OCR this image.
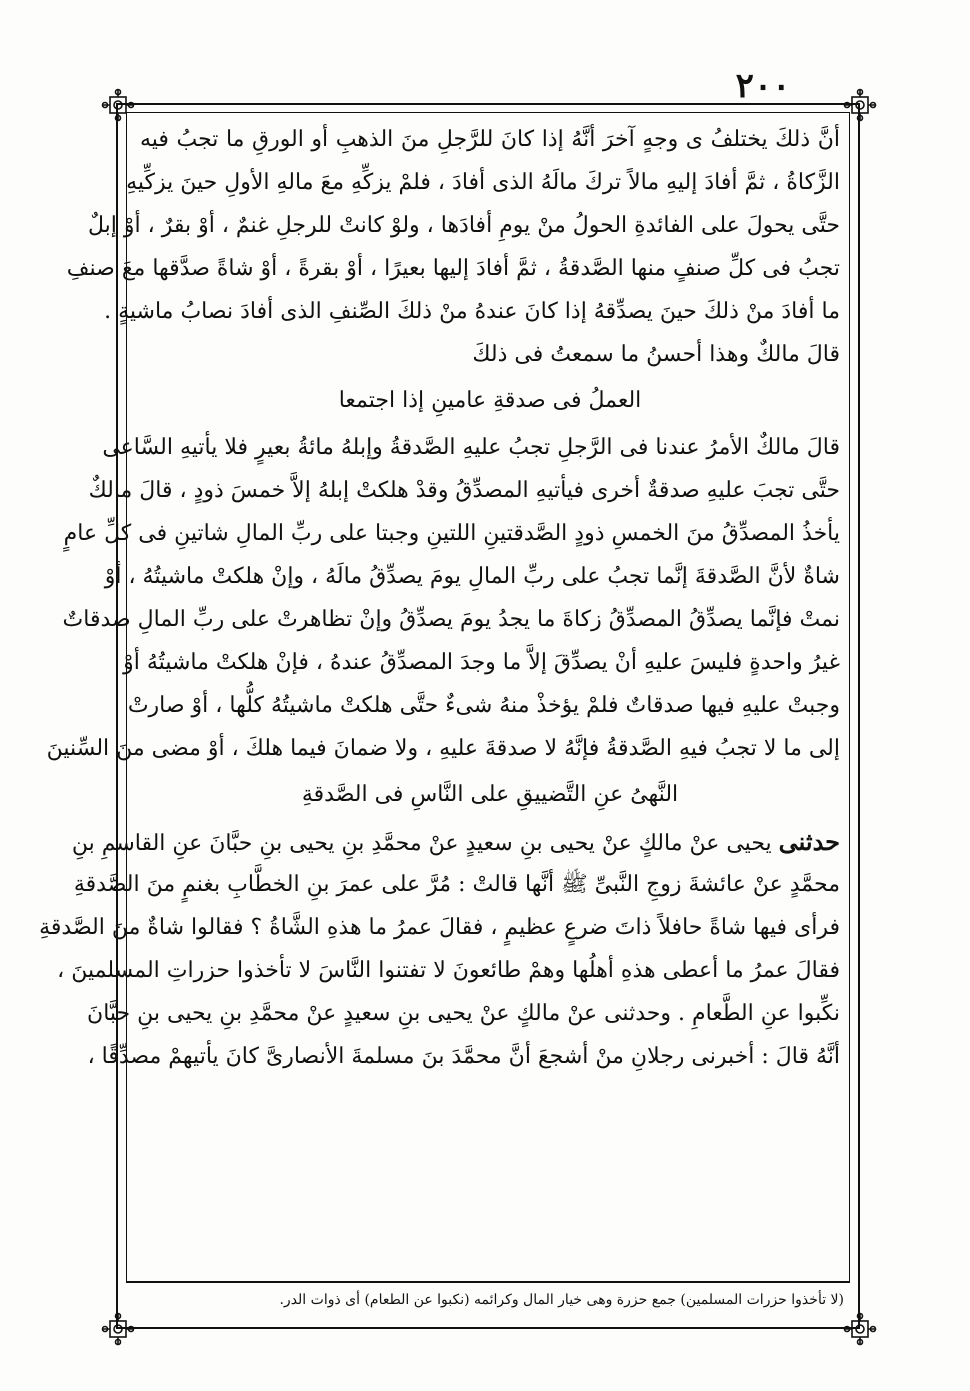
٢٠٠
أنَّ ذلكَ يختلفُ ى وجهٍ آخرَ أنَّهُ إذا كانَ للرَّجلِ منَ الذهبِ أو الورقِ ما تجبُ فيه
الزَّكاةُ ، ثمَّ أفادَ إليهِ مالاً تركَ مالَهُ الذى أفادَ ، فلمْ يزكِّهِ معَ مالهِ الأولِ حينَ يزكِّيهِ
حتَّى يحولَ على الفائدةِ الحولُ منْ يومِ أفادَها ، ولوْ كانتْ للرجلِ غنمٌ ، أوْ بقرٌ ، أوْ إبلٌ
تجبُ فى كلِّ صنفٍ منها الصَّدقةُ ، ثمَّ أفادَ إليها بعيرًا ، أوْ بقرةً ، أوْ شاةً صدَّقها معَ صنفِ
ما أفادَ منْ ذلكَ حينَ يصدِّقهُ إذا كانَ عندهُ منْ ذلكَ الصِّنفِ الذى أفادَ نصابُ ماشيةٍ .
قالَ مالكٌ وهذا أحسنُ ما سمعتُ فى ذلكَ
العملُ فى صدقةِ عامينِ إذا اجتمعا
قالَ مالكٌ الأمرُ عندنا فى الرَّجلِ تجبُ عليهِ الصَّدقةُ وإبلهُ مائةُ بعيرٍ فلا يأتيهِ السَّاعى
حتَّى تجبَ عليهِ صدقةٌ أخرى فيأتيهِ المصدِّقُ وقدْ هلكتْ إبلهُ إلاَّ خمسَ ذودٍ ، قالَ مالكٌ
يأخذُ المصدِّقُ منَ الخمسِ ذودٍ الصَّدقتينِ اللتينِ وجبتا على ربِّ المالِ شاتينِ فى كلِّ عامٍ
شاةٌ لأنَّ الصَّدقةَ إنَّما تجبُ على ربِّ المالِ يومَ يصدِّقُ مالَهُ ، وإنْ هلكتْ ماشيتُهُ ، أوْ
نمتْ فإنَّما يصدِّقُ المصدِّقُ زكاةَ ما يجدُ يومَ يصدِّقُ وإنْ تظاهرتْ على ربِّ المالِ صدقاتٌ
غيرُ واحدةٍ فليسَ عليهِ أنْ يصدِّقَ إلاَّ ما وجدَ المصدِّقُ عندهُ ، فإنْ هلكتْ ماشيتُهُ أوْ
وجبتْ عليهِ فيها صدقاتٌ فلمْ يؤخذْ منهُ شىءٌ حتَّى هلكتْ ماشيتُهُ كلُّها ، أوْ صارتْ
إلى ما لا تجبُ فيهِ الصَّدقةُ فإنَّهُ لا صدقةَ عليهِ ، ولا ضمانَ فيما هلكَ ، أوْ مضى منَ السِّنينَ
النَّهىُ عنِ التَّضييقِ على النَّاسِ فى الصَّدقةِ
حدثنى يحيى عنْ مالكٍ عنْ يحيى بنِ سعيدٍ عنْ محمَّدِ بنِ يحيى بنِ حبَّانَ عنِ القاسمِ بنِ
محمَّدٍ عنْ عائشةَ زوجِ النَّبىِّ ﷺ أنَّها قالتْ : مُرَّ على عمرَ بنِ الخطَّابِ بغنمٍ منَ الصَّدقةِ
فرأى فيها شاةً حافلاً ذاتَ ضرعٍ عظيمٍ ، فقالَ عمرُ ما هذهِ الشَّاةُ ؟ فقالوا شاةٌ منَ الصَّدقةِ
فقالَ عمرُ ما أعطى هذهِ أهلُها وهمْ طائعونَ لا تفتنوا النَّاسَ لا تأخذوا حزراتِ المسلمينَ ،
نكِّبوا عنِ الطَّعامِ . وحدثنى عنْ مالكٍ عنْ يحيى بنِ سعيدٍ عنْ محمَّدِ بنِ يحيى بنِ حبَّانَ
أنَّهُ قالَ : أخبرنى رجلانِ منْ أشجعَ أنَّ محمَّدَ بنَ مسلمةَ الأنصارىَّ كانَ يأتيهمْ مصدِّقًا ،
(لا تأخذوا حزرات المسلمين) جمع حزرة وهى خيار المال وكرائمه (نكبوا عن الطعام) أى ذوات الدر.
